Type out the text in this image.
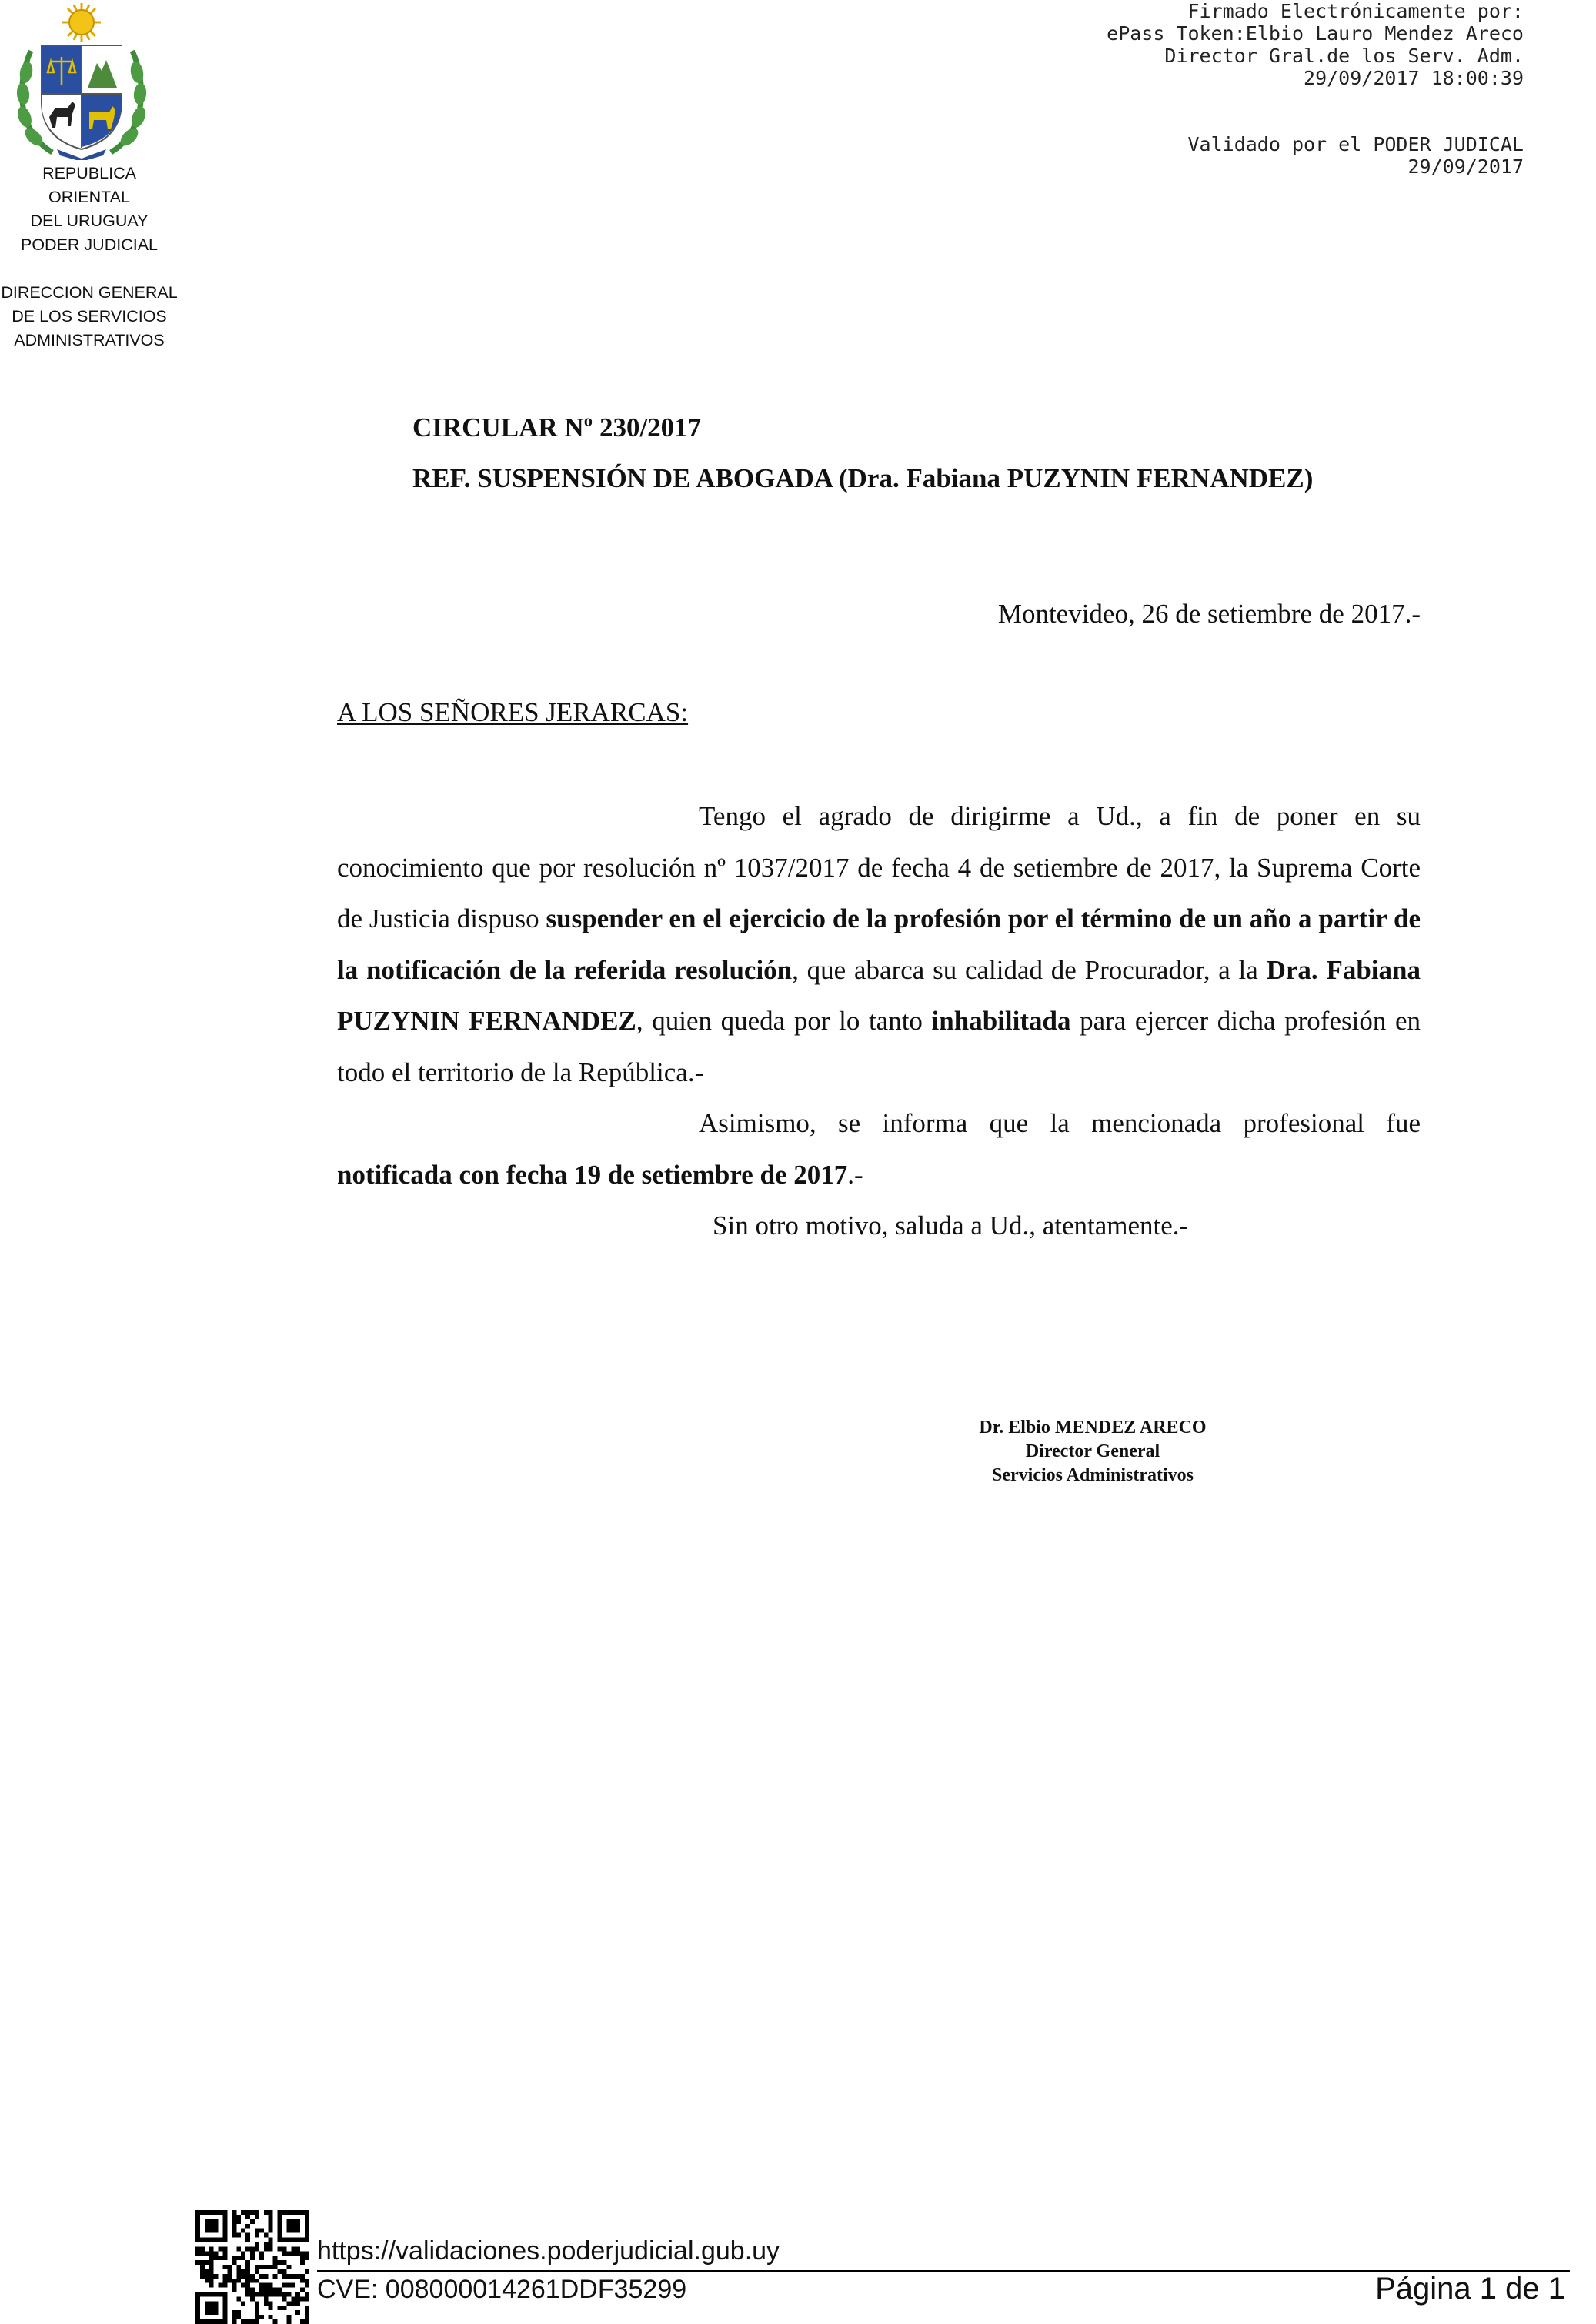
Firmado Electrónicamente por:
ePass Token:Elbio Lauro Mendez Areco
Director Gral.de los Serv. Adm.
29/09/2017 18:00:39
Validado por el PODER JUDICAL
29/09/2017
REPUBLICA ORIENTAL
DEL URUGUAY
PODER JUDICIAL
DIRECCION GENERAL
DE LOS SERVICIOS
ADMINISTRATIVOS
CIRCULAR Nº 230/2017
REF. SUSPENSIÓN DE ABOGADA (Dra. Fabiana PUZYNIN FERNANDEZ)
Montevideo, 26 de setiembre de 2017.-
A LOS SEÑORES JERARCAS:

Tengo el agrado de dirigirme a Ud., a fin de poner en su conocimiento que por resolución nº 1037/2017 de fecha 4 de setiembre de 2017, la Suprema Corte de Justicia dispuso suspender en el ejercicio de la profesión por el término de un año a partir de la notificación de la referida resolución, que abarca su calidad de Procurador, a la Dra. Fabiana PUZYNIN FERNANDEZ, quien queda por lo tanto inhabilitada para ejercer dicha profesión en todo el territorio de la República.-

Asimismo, se informa que la mencionada profesional fue notificada con fecha 19 de setiembre de 2017.-

Sin otro motivo, saluda a Ud., atentamente.-

Dr. Elbio MENDEZ ARECO
Director General
Servicios Administrativos
https://validaciones.poderjudicial.gub.uy
CVE: 008000014261DDF35299	Página 1 de 1
